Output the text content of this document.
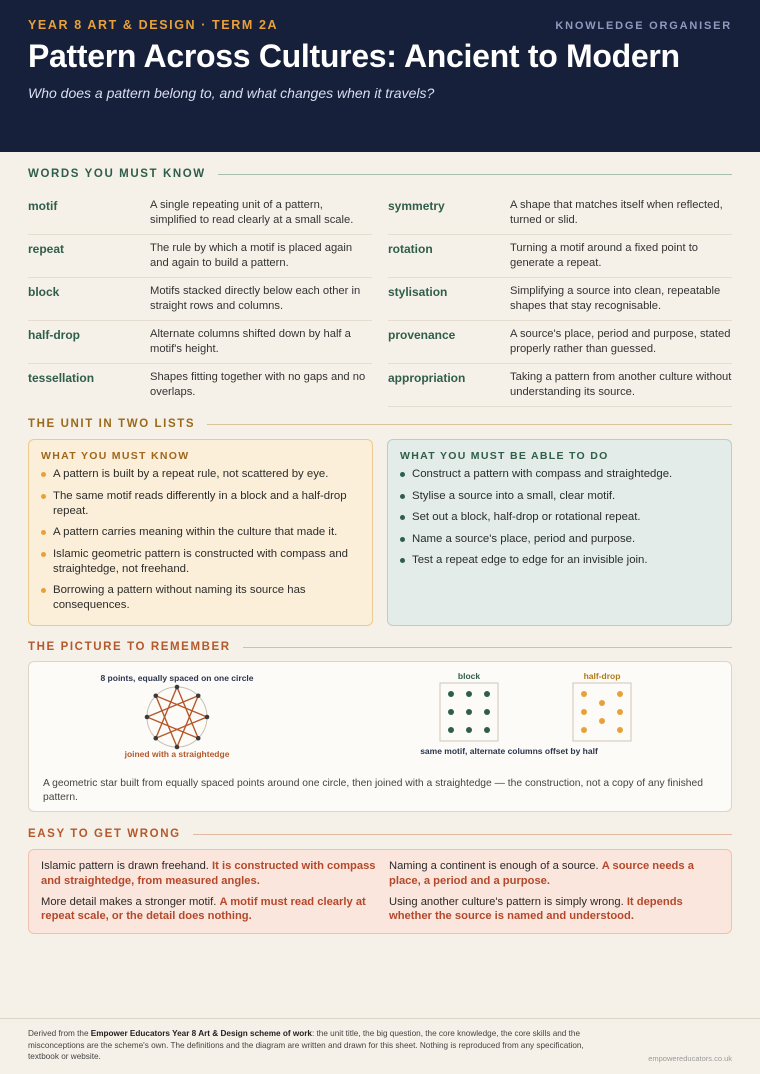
YEAR 8 ART & DESIGN · TERM 2A	KNOWLEDGE ORGANISER
Pattern Across Cultures: Ancient to Modern
Who does a pattern belong to, and what changes when it travels?
WORDS YOU MUST KNOW
motif	A single repeating unit of a pattern, simplified to read clearly at a small scale.
repeat	The rule by which a motif is placed again and again to build a pattern.
block	Motifs stacked directly below each other in straight rows and columns.
half-drop	Alternate columns shifted down by half a motif's height.
tessellation	Shapes fitting together with no gaps and no overlaps.
symmetry	A shape that matches itself when reflected, turned or slid.
rotation	Turning a motif around a fixed point to generate a repeat.
stylisation	Simplifying a source into clean, repeatable shapes that stay recognisable.
provenance	A source's place, period and purpose, stated properly rather than guessed.
appropriation	Taking a pattern from another culture without understanding its source.
THE UNIT IN TWO LISTS
WHAT YOU MUST KNOW
A pattern is built by a repeat rule, not scattered by eye.
The same motif reads differently in a block and a half-drop repeat.
A pattern carries meaning within the culture that made it.
Islamic geometric pattern is constructed with compass and straightedge, not freehand.
Borrowing a pattern without naming its source has consequences.
WHAT YOU MUST BE ABLE TO DO
Construct a pattern with compass and straightedge.
Stylise a source into a small, clear motif.
Set out a block, half-drop or rotational repeat.
Name a source's place, period and purpose.
Test a repeat edge to edge for an invisible join.
THE PICTURE TO REMEMBER
8 points, equally spaced on one circle
joined with a straightedge
block	half-drop
same motif, alternate columns offset by half
A geometric star built from equally spaced points around one circle, then joined with a straightedge — the construction, not a copy of any finished pattern.
EASY TO GET WRONG
Islamic pattern is drawn freehand. It is constructed with compass and straightedge, from measured angles.
Naming a continent is enough of a source. A source needs a place, a period and a purpose.
More detail makes a stronger motif. A motif must read clearly at repeat scale, or the detail does nothing.
Using another culture's pattern is simply wrong. It depends whether the source is named and understood.
Derived from the Empower Educators Year 8 Art & Design scheme of work: the unit title, the big question, the core knowledge, the core skills and the misconceptions are the scheme's own. The definitions and the diagram are written and drawn for this sheet. Nothing is reproduced from any specification, textbook or website.	empowereducators.co.uk
